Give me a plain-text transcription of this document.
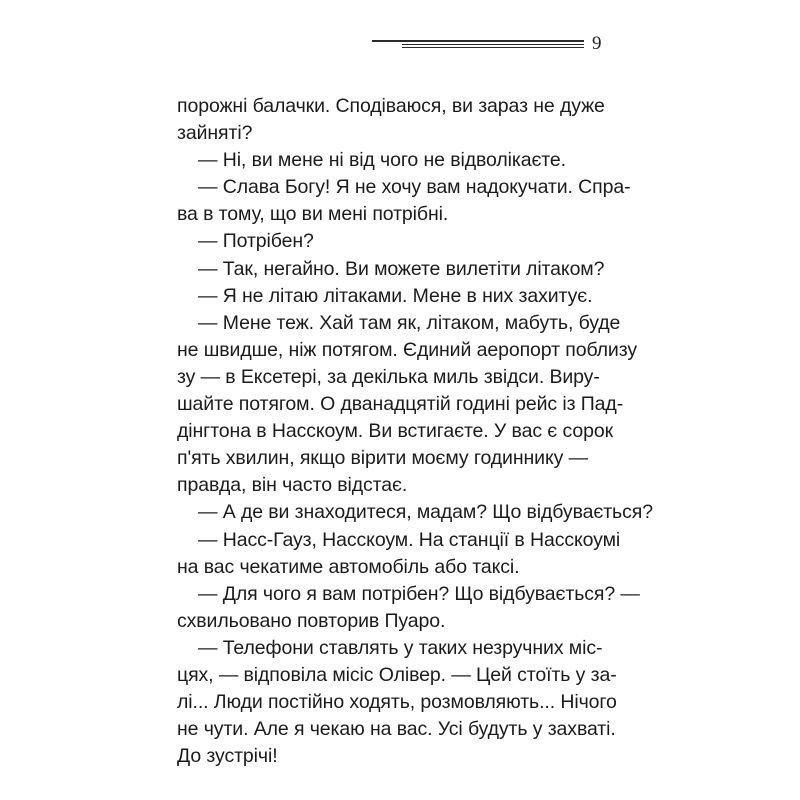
9
порожні балачки. Сподіваюся, ви зараз не дуже
зайняті?
— Ні, ви мене ні від чого не відволікаєте.
— Слава Богу! Я не хочу вам надокучати. Спра-
ва в тому, що ви мені потрібні.
— Потрібен?
— Так, негайно. Ви можете вилетіти літаком?
— Я не літаю літаками. Мене в них захитує.
— Мене теж. Хай там як, літаком, мабуть, буде
не швидше, ніж потягом. Єдиний аеропорт поблизу
зу — в Ексетері, за декілька миль звідси. Виру-
шайте потягом. О дванадцятій годині рейс із Пад-
дінгтона в Насскоум. Ви встигаєте. У вас є сорок
п'ять хвилин, якщо вірити моєму годиннику —
правда, він часто відстає.
— А де ви знаходитеся, мадам? Що відбувається?
— Насс-Гауз, Насскоум. На станції в Насскоумі
на вас чекатиме автомобіль або таксі.
— Для чого я вам потрібен? Що відбувається? —
схвильовано повторив Пуаро.
— Телефони ставлять у таких незручних міс-
цях, — відповіла місіс Олівер. — Цей стоїть у за-
лі... Люди постійно ходять, розмовляють... Нічого
не чути. Але я чекаю на вас. Усі будуть у захваті.
До зустрічі!
